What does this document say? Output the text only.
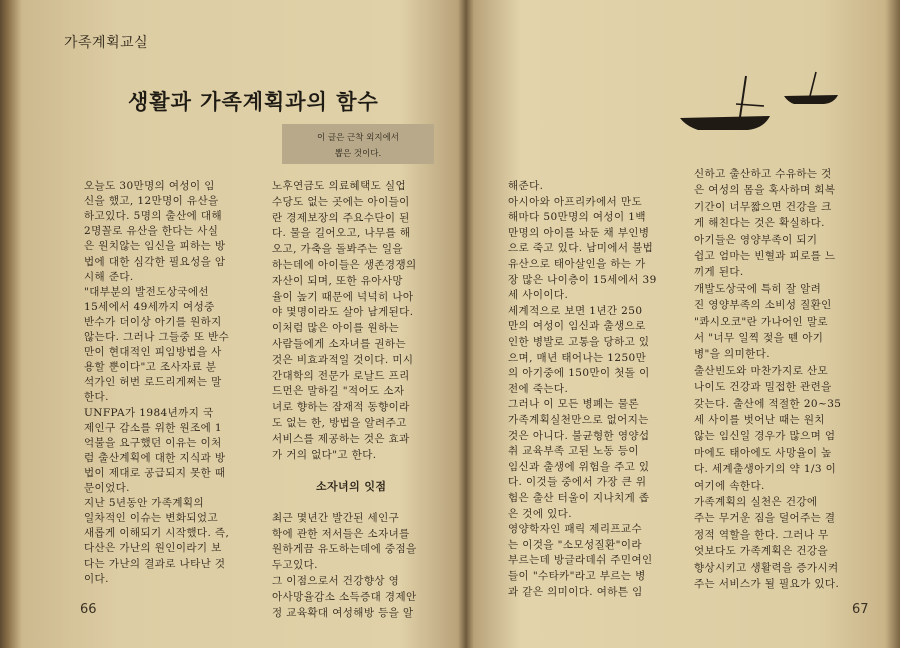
가족계획교실
생활과 가족계획과의 함수
이 글은 근착 외지에서
뽑은 것이다.
오늘도 30만명의 여성이 임
신을 했고, 12만명이 유산을
하고있다. 5명의 출산에 대해
2명꼴로 유산을 한다는 사실
은 원치않는 임신을 피하는 방
법에 대한 심각한 필요성을 암
시해 준다.
"대부분의 발전도상국에선
15세에서 49세까지 여성중
반수가 더이상 아기를 원하지
않는다. 그러나 그들중 또 반수
만이 현대적인 피임방법을 사
용할 뿐이다"고 조사자료 분
석가인 허번 로드리게쩌는 말
한다.
UNFPA가 1984년까지 국
제인구 감소를 위한 원조에 1
억불을 요구했던 이유는 이처
럼 출산계획에 대한 지식과 방
법이 제대로 공급되지 못한 때
문이었다.
지난 5년동안 가족계획의
일차적인 이슈는 변화되었고
새롭게 이해되기 시작했다. 즉,
다산은 가난의 원인이라기 보
다는 가난의 결과로 나타난 것
이다.
노후연금도 의료혜택도 실업
수당도 없는 곳에는 아이들이
란 경제보장의 주요수단이 된
다. 물을 길어오고, 나무를 해
오고, 가축을 돌봐주는 일을
하는데에 아이들은 생존경쟁의
자산이 되며, 또한 유아사망
율이 높기 때문에 넉넉히 나아
야 몇명이라도 살아 남게된다.
이처럼 많은 아이를 원하는
사람들에게 소자녀를 권하는
것은 비효과적일 것이다. 미시
간대학의 전문가 로날드 프리
드먼은 말하길 "적어도 소자
녀로 향하는 잠재적 동향이라
도 없는 한, 방법을 알려주고
서비스를 제공하는 것은 효과
가 거의 없다"고 한다.
소자녀의 잇점
최근 몇년간 발간된 세인구
학에 관한 저서들은 소자녀를
원하게끔 유도하는데에 중점을
두고있다.
그 이점으로서 건강향상 영
아사망율감소 소득증대 경제안
정 교육확대 여성해방 등을 알
해준다.
아시아와 아프리카에서 만도
해마다 50만명의 여성이 1백
만명의 아이를 놔둔 채 부인병
으로 죽고 있다. 남미에서 불법
유산으로 태아살인을 하는 가
장 많은 나이층이 15세에서 39
세 사이이다.
세계적으로 보면 1년간 250
만의 여성이 임신과 출생으로
인한 병발로 고통을 당하고 있
으며, 매년 태어나는 1250만
의 아기중에 150만이 첫돌 이
전에 죽는다.
그러나 이 모든 병폐는 물론
가족계획실천만으로 없어지는
것은 아니다. 불균형한 영양섭
취 교육부족 고된 노동 등이
임신과 출생에 위험을 주고 있
다. 이것들 중에서 가장 큰 위
험은 출산 터울이 지나치게 좁
은 것에 있다.
영양학자인 패릭 제리프교수
는 이것을 "소모성질환"이라
부르는데 방글라데쉬 주민여인
들이 "수타카"라고 부르는 병
과 같은 의미이다. 여하튼 임
신하고 출산하고 수유하는 것
은 여성의 몸을 혹사하며 회복
기간이 너무짧으면 건강을 크
게 해친다는 것은 확실하다.
아기들은 영양부족이 되기
쉽고 엄마는 빈혈과 피로를 느
끼게 된다.
개발도상국에 특히 잘 알려
진 영양부족의 소비성 질환인
"콰시오코"란 가나어인 말로
서 "너무 일찍 젖을 뗀 아기
병"을 의미한다.
출산빈도와 마찬가지로 산모
나이도 건강과 밀접한 관련을
갖는다. 출산에 적절한 20~35
세 사이를 벗어난 때는 원치
않는 임신일 경우가 많으며 엄
마에도 태아에도 사망율이 높
다. 세계출생아기의 약 1/3 이
여기에 속한다.
가족계획의 실천은 건강에
주는 무거운 짐을 덜어주는 결
정적 역할을 한다. 그러나 무
엇보다도 가족계획은 건강을
향상시키고 생활력을 증가시켜
주는 서비스가 될 필요가 있다.
66	67
